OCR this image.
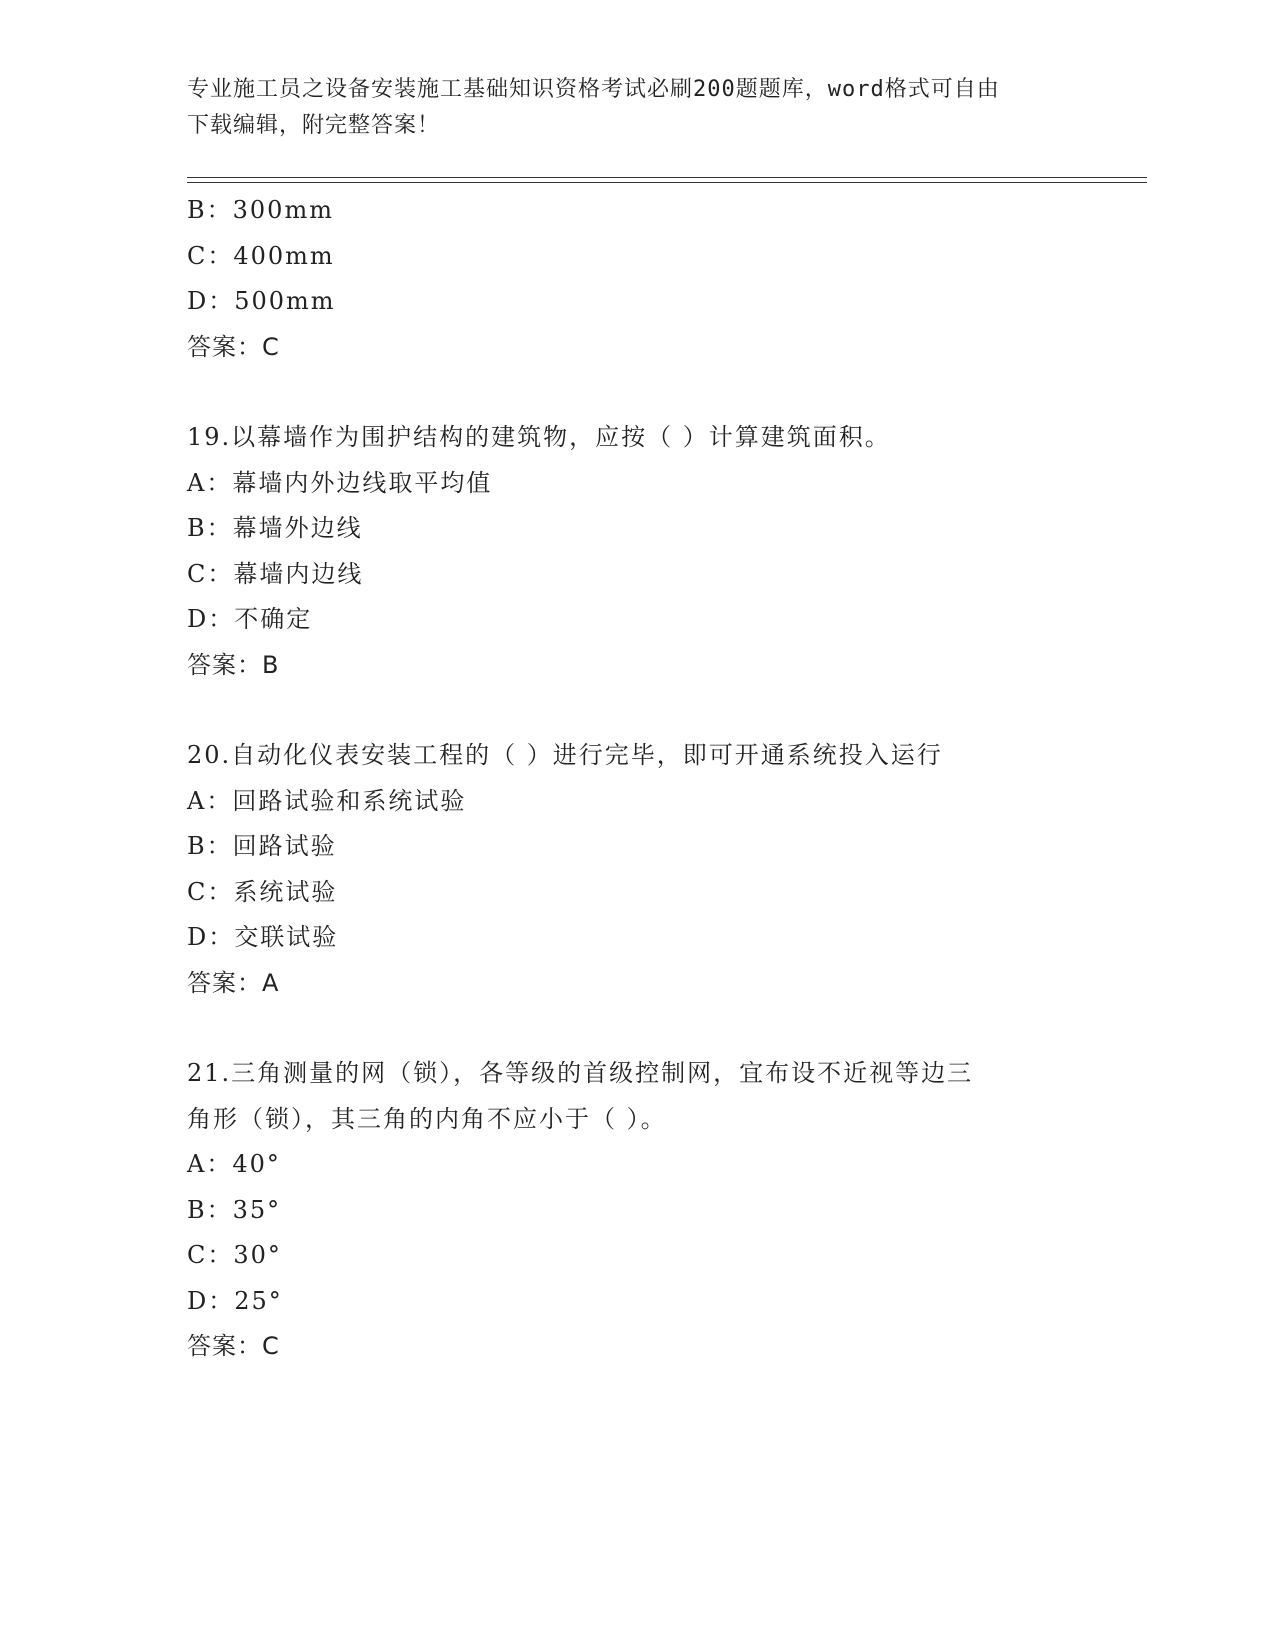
专业施工员之设备安装施工基础知识资格考试必刷200题题库，word格式可自由
下载编辑，附完整答案！
B：300mm
C：400mm
D：500mm
答案：C
19.以幕墙作为围护结构的建筑物，应按（ ）计算建筑面积。
A：幕墙内外边线取平均值
B：幕墙外边线
C：幕墙内边线
D：不确定
答案：B
20.自动化仪表安装工程的（ ）进行完毕，即可开通系统投入运行
A：回路试验和系统试验
B：回路试验
C：系统试验
D：交联试验
答案：A
21.三角测量的网（锁），各等级的首级控制网，宜布设不近视等边三
角形（锁），其三角的内角不应小于（ ）。
A：40°
B：35°
C：30°
D：25°
答案：C
